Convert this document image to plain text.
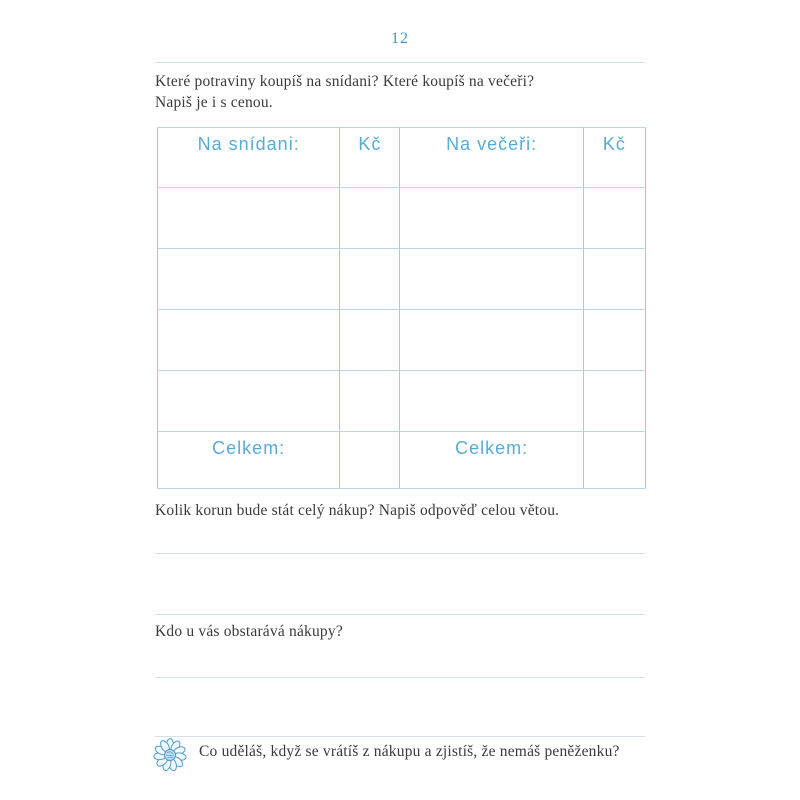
12

Které potraviny koupíš na snídani? Které koupíš na večeři?
Napiš je i s cenou.

Na snídani:	Kč	Na večeři:	Kč

Celkem:		Celkem:	

Kolik korun bude stát celý nákup? Napiš odpověď celou větou.

Kdo u vás obstarává nákupy?

Co uděláš, když se vrátíš z nákupu a zjistíš, že nemáš peněženku?
